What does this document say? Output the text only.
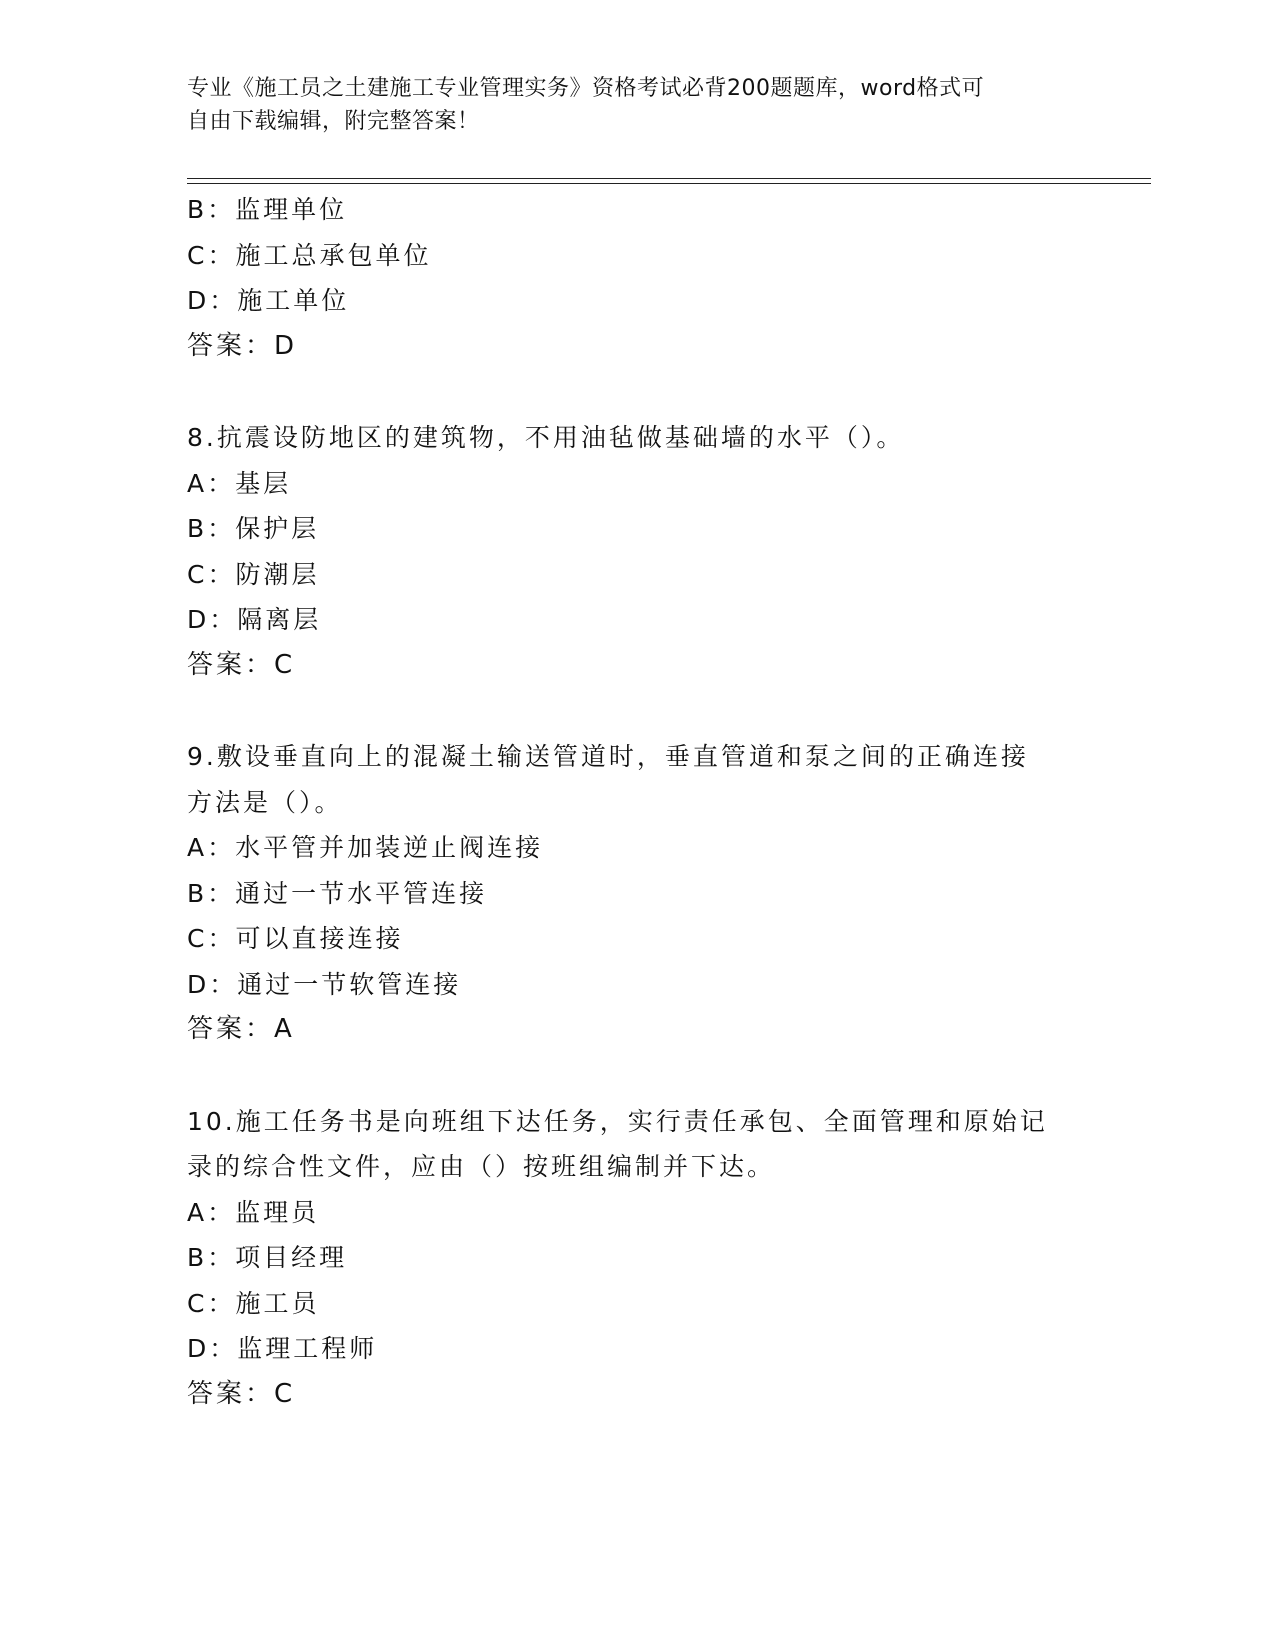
专业《施工员之土建施工专业管理实务》资格考试必背200题题库，word格式可
自由下载编辑，附完整答案！
B：监理单位
C：施工总承包单位
D：施工单位
答案：D
8.抗震设防地区的建筑物，不用油毡做基础墙的水平（）。
A：基层
B：保护层
C：防潮层
D：隔离层
答案：C
9.敷设垂直向上的混凝土输送管道时，垂直管道和泵之间的正确连接
方法是（）。
A：水平管并加装逆止阀连接
B：通过一节水平管连接
C：可以直接连接
D：通过一节软管连接
答案：A
10.施工任务书是向班组下达任务，实行责任承包、全面管理和原始记
录的综合性文件，应由（）按班组编制并下达。
A：监理员
B：项目经理
C：施工员
D：监理工程师
答案：C
